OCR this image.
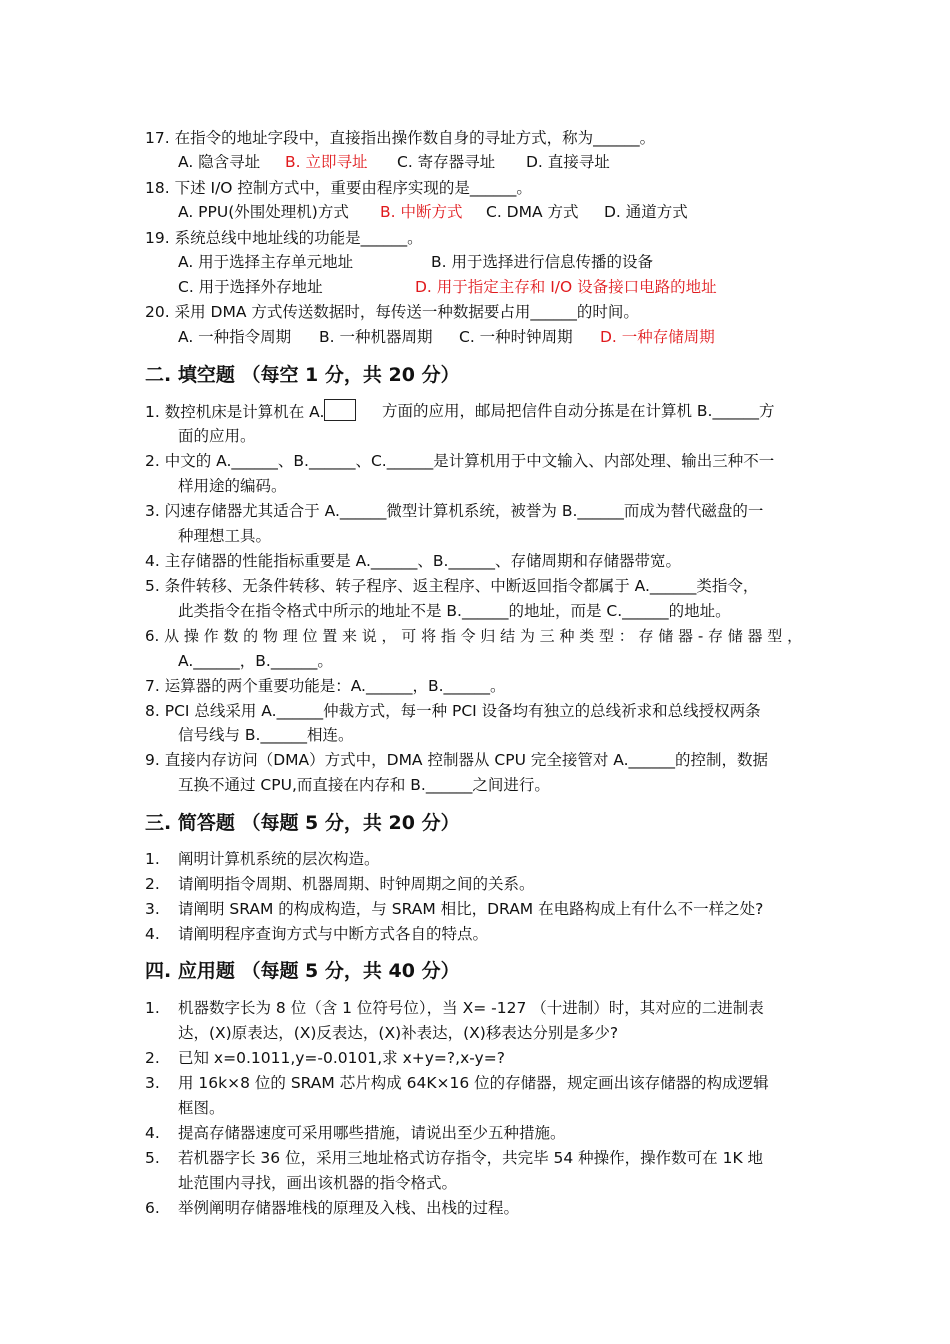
17. 在指令的地址字段中，直接指出操作数自身的寻址方式，称为______。
A. 隐含寻址 B. 立即寻址 C. 寄存器寻址 D. 直接寻址
18. 下述 I/O 控制方式中，重要由程序实现的是______。
A. PPU(外围处理机)方式 B. 中断方式 C. DMA 方式 D. 通道方式
19. 系统总线中地址线的功能是______。
A. 用于选择主存单元地址	B. 用于选择进行信息传播的设备
C. 用于选择外存地址	D. 用于指定主存和 I/O 设备接口电路的地址
20. 采用 DMA 方式传送数据时，每传送一种数据要占用______的时间。
A. 一种指令周期 B. 一种机器周期 C. 一种时钟周期 D. 一种存储周期
二. 填空题 （每空 1 分，共 20 分）
1. 数控机床是计算机在 A.	方面的应用，邮局把信件自动分拣是在计算机 B.______方
面的应用。
2. 中文的 A.______、B.______、C.______是计算机用于中文输入、内部处理、输出三种不一
样用途的编码。
3. 闪速存储器尤其适合于 A.______微型计算机系统，被誉为 B.______而成为替代磁盘的一
种理想工具。
4. 主存储器的性能指标重要是 A.______、B.______、存储周期和存储器带宽。
5. 条件转移、无条件转移、转子程序、返主程序、中断返回指令都属于 A.______类指令，
此类指令在指令格式中所示的地址不是 B.______的地址，而是 C.______的地址。
6. 从 操 作 数 的 物 理 位 置 来 说 ， 可 将 指 令 归 结 为 三 种 类 型 ： 存 储 器 - 存 储 器 型 ，
A.______，B.______。
7. 运算器的两个重要功能是：A.______，B.______。
8. PCI 总线采用 A.______仲裁方式，每一种 PCI 设备均有独立的总线祈求和总线授权两条
信号线与 B.______相连。
9. 直接内存访问（DMA）方式中，DMA 控制器从 CPU 完全接管对 A.______的控制，数据
互换不通过 CPU,而直接在内存和 B.______之间进行。
三. 简答题 （每题 5 分，共 20 分）
1. 阐明计算机系统的层次构造。
2. 请阐明指令周期、机器周期、时钟周期之间的关系。
3. 请阐明 SRAM 的构成构造，与 SRAM 相比，DRAM 在电路构成上有什么不一样之处?
4. 请阐明程序查询方式与中断方式各自的特点。
四. 应用题 （每题 5 分，共 40 分）
1. 机器数字长为 8 位（含 1 位符号位），当 X= -127 （十进制）时，其对应的二进制表
达，(X)原表达，(X)反表达，(X)补表达，(X)移表达分别是多少?
2. 已知 x=0.1011,y=-0.0101,求 x+y=?,x-y=?
3. 用 16k×8 位的 SRAM 芯片构成 64K×16 位的存储器，规定画出该存储器的构成逻辑
框图。
4. 提高存储器速度可采用哪些措施，请说出至少五种措施。
5. 若机器字长 36 位，采用三地址格式访存指令，共完毕 54 种操作，操作数可在 1K 地
址范围内寻找，画出该机器的指令格式。
6. 举例阐明存储器堆栈的原理及入栈、出栈的过程。
